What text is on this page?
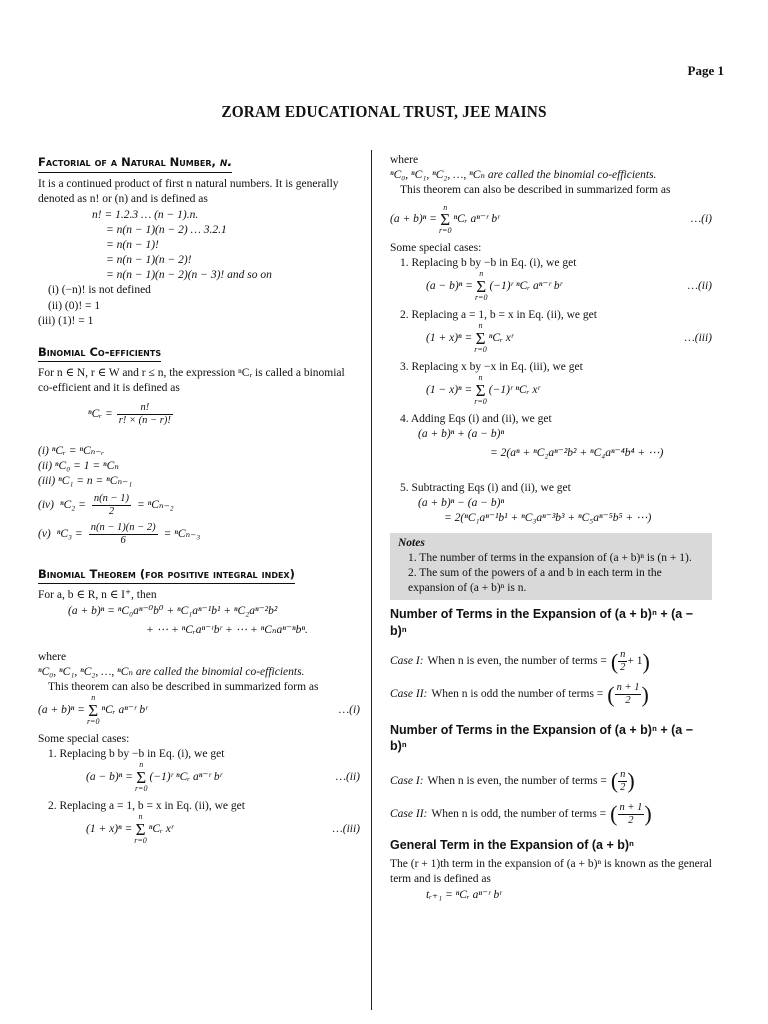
Page 1
ZORAM EDUCATIONAL TRUST, JEE MAINS
Factorial of a Natural Number, n.

It is a continued product of first n natural numbers. It is generally denoted as n! or (n) and is defined as

n! = 1.2.3 … (n − 1).n.

= n(n − 1)(n − 2) … 3.2.1

= n(n − 1)!

= n(n − 1)(n − 2)!

= n(n − 1)(n − 2)(n − 3)! and so on

(i) (−n)! is not defined

(ii) (0)! = 1

(iii) (1)! = 1

Binomial Co-efficients

For n ∈ N, r ∈ W and r ≤ n, the expression ⁿCᵣ is called a binomial co-efficient and it is defined as

ⁿCᵣ = $\frac{n!}{r! \times (n - r)!}$

(i) ⁿCᵣ = ⁿCₙ₋ᵣ

(ii) ⁿC₀ = 1 = ⁿCₙ

(iii) ⁿC₁ = n = ⁿCₙ₋₁

(iv) $^nC_2 = \frac{n(n - 1)}{2} = ^nC_{n-2}$
(v) $^nC_3 = \frac{n(n - 1)(n - 2)}{6} = ^nC_{n-3}$
Binomial Theorem (for positive integral index)

For a, b ∈ R, n ∈ I⁺, then

(a + b)ⁿ = ⁿC₀aⁿ⁻⁰b⁰ + ⁿC₁aⁿ⁻¹b¹ + ⁿC₂aⁿ⁻²b²

+ ⋯ + ⁿCᵣaⁿ⁻ʳbʳ + ⋯ + ⁿCₙaⁿ⁻ⁿbⁿ.

where

ⁿC₀, ⁿC₁, ⁿC₂, …, ⁿCₙ are called the binomial co-efficients.

This theorem can also be described in summarized form as

(a + b)ⁿ =
n
Σ
r=0
ⁿCᵣ aⁿ⁻ʳ bʳ	…(i)

Some special cases:

1. Replacing b by −b in Eq. (i), we get

(a − b)ⁿ =
n
Σ
r=0
(−1)ʳ ⁿCᵣ aⁿ⁻ʳ bʳ	…(ii)

2. Replacing a = 1, b = x in Eq. (ii), we get

(1 + x)ⁿ =
n
Σ
r=0
ⁿCᵣ xʳ	…(iii)

where

ⁿC₀, ⁿC₁, ⁿC₂, …, ⁿCₙ are called the binomial co-efficients.

This theorem can also be described in summarized form as

(a + b)ⁿ =
n
Σ
r=0
ⁿCᵣ aⁿ⁻ʳ bʳ	…(i)

Some special cases:

1. Replacing b by −b in Eq. (i), we get

(a − b)ⁿ =
n
Σ
r=0
(−1)ʳ ⁿCᵣ aⁿ⁻ʳ bʳ	…(ii)

2. Replacing a = 1, b = x in Eq. (ii), we get

(1 + x)ⁿ =
n
Σ
r=0
ⁿCᵣ xʳ	…(iii)

3. Replacing x by −x in Eq. (iii), we get

(1 − x)ⁿ =
n
Σ
r=0
(−1)ʳ ⁿCᵣ xʳ

4. Adding Eqs (i) and (ii), we get

(a + b)ⁿ + (a − b)ⁿ

= 2(aⁿ + ⁿC₂aⁿ⁻²b² + ⁿC₄aⁿ⁻⁴b⁴ + ⋯)

5. Subtracting Eqs (i) and (ii), we get

(a + b)ⁿ − (a − b)ⁿ

= 2(ⁿC₁aⁿ⁻¹b¹ + ⁿC₃aⁿ⁻³b³ + ⁿC₅aⁿ⁻⁵b⁵ + ⋯)

Notes

1. The number of terms in the expansion of (a + b)ⁿ is (n + 1).

2. The sum of the powers of a and b in each term in the expansion of (a + b)ⁿ is n.

Number of Terms in the Expansion of (a + b)ⁿ + (a − b)ⁿ
Case I: When n is even, the number of terms = ( $\frac{n}{2} + 1$ )
Case II: When n is odd the number of terms = ( $\frac{n + 1}{2}$ )
Number of Terms in the Expansion of (a + b)ⁿ + (a − b)ⁿ
Case I: When n is even, the number of terms = ( $\frac{n}{2}$ )
Case II: When n is odd, the number of terms = ( $\frac{n + 1}{2}$ )
General Term in the Expansion of (a + b)ⁿ

The (r + 1)th term in the expansion of (a + b)ⁿ is known as the general term and is defined as

tᵣ₊₁ = ⁿCᵣ aⁿ⁻ʳ bʳ
